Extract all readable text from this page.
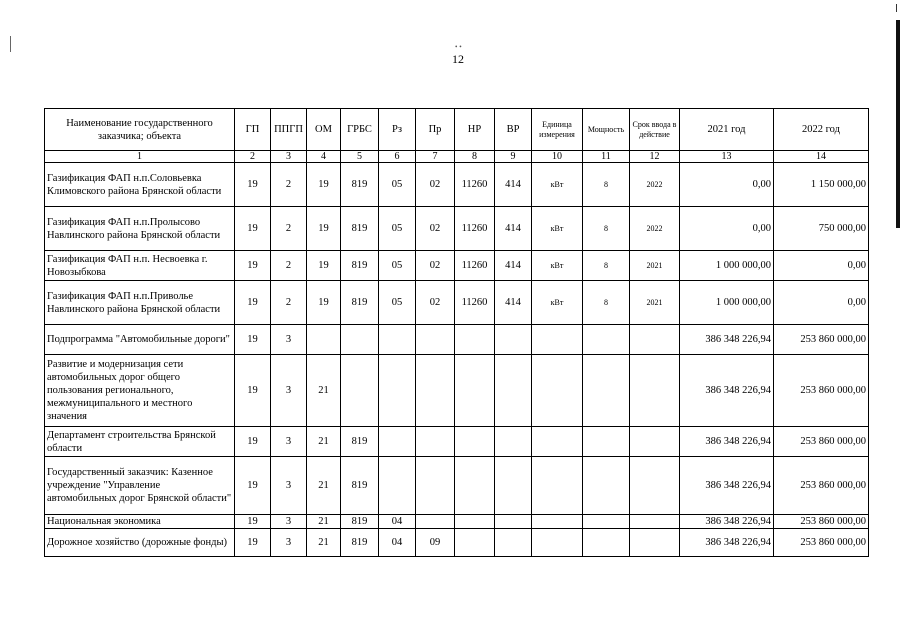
• •
12
Наименование государственного заказчика; объекта	ГП	ППГП	ОМ	ГРБС	Рз	Пр	НР	ВР	Единица измерения	Мощность	Срок ввода в действие	2021 год	2022 год
1	2	3	4	5	6	7	8	9	10	11	12	13	14
Газификация ФАП н.п.Соловьевка Климовского района Брянской области	19	2	19	819	05	02	11260	414	кВт	8	2022	0,00	1 150 000,00
Газификация ФАП н.п.Пролысово Навлинского района Брянской области	19	2	19	819	05	02	11260	414	кВт	8	2022	0,00	750 000,00
Газификация ФАП н.п. Несвоевка г. Новозыбкова	19	2	19	819	05	02	11260	414	кВт	8	2021	1 000 000,00	0,00
Газификация ФАП н.п.Приволье Навлинского района Брянской области	19	2	19	819	05	02	11260	414	кВт	8	2021	1 000 000,00	0,00
Подпрограмма "Автомобильные дороги"	19	3										386 348 226,94	253 860 000,00
Развитие и модернизация сети автомобильных дорог общего пользования регионального, межмуниципального и местного значения	19	3	21									386 348 226,94	253 860 000,00
Департамент строительства Брянской области	19	3	21	819								386 348 226,94	253 860 000,00
Государственный заказчик: Казенное учреждение "Управление автомобильных дорог Брянской области"	19	3	21	819								386 348 226,94	253 860 000,00
Национальная экономика	19	3	21	819	04							386 348 226,94	253 860 000,00
Дорожное хозяйство (дорожные фонды)	19	3	21	819	04	09						386 348 226,94	253 860 000,00
